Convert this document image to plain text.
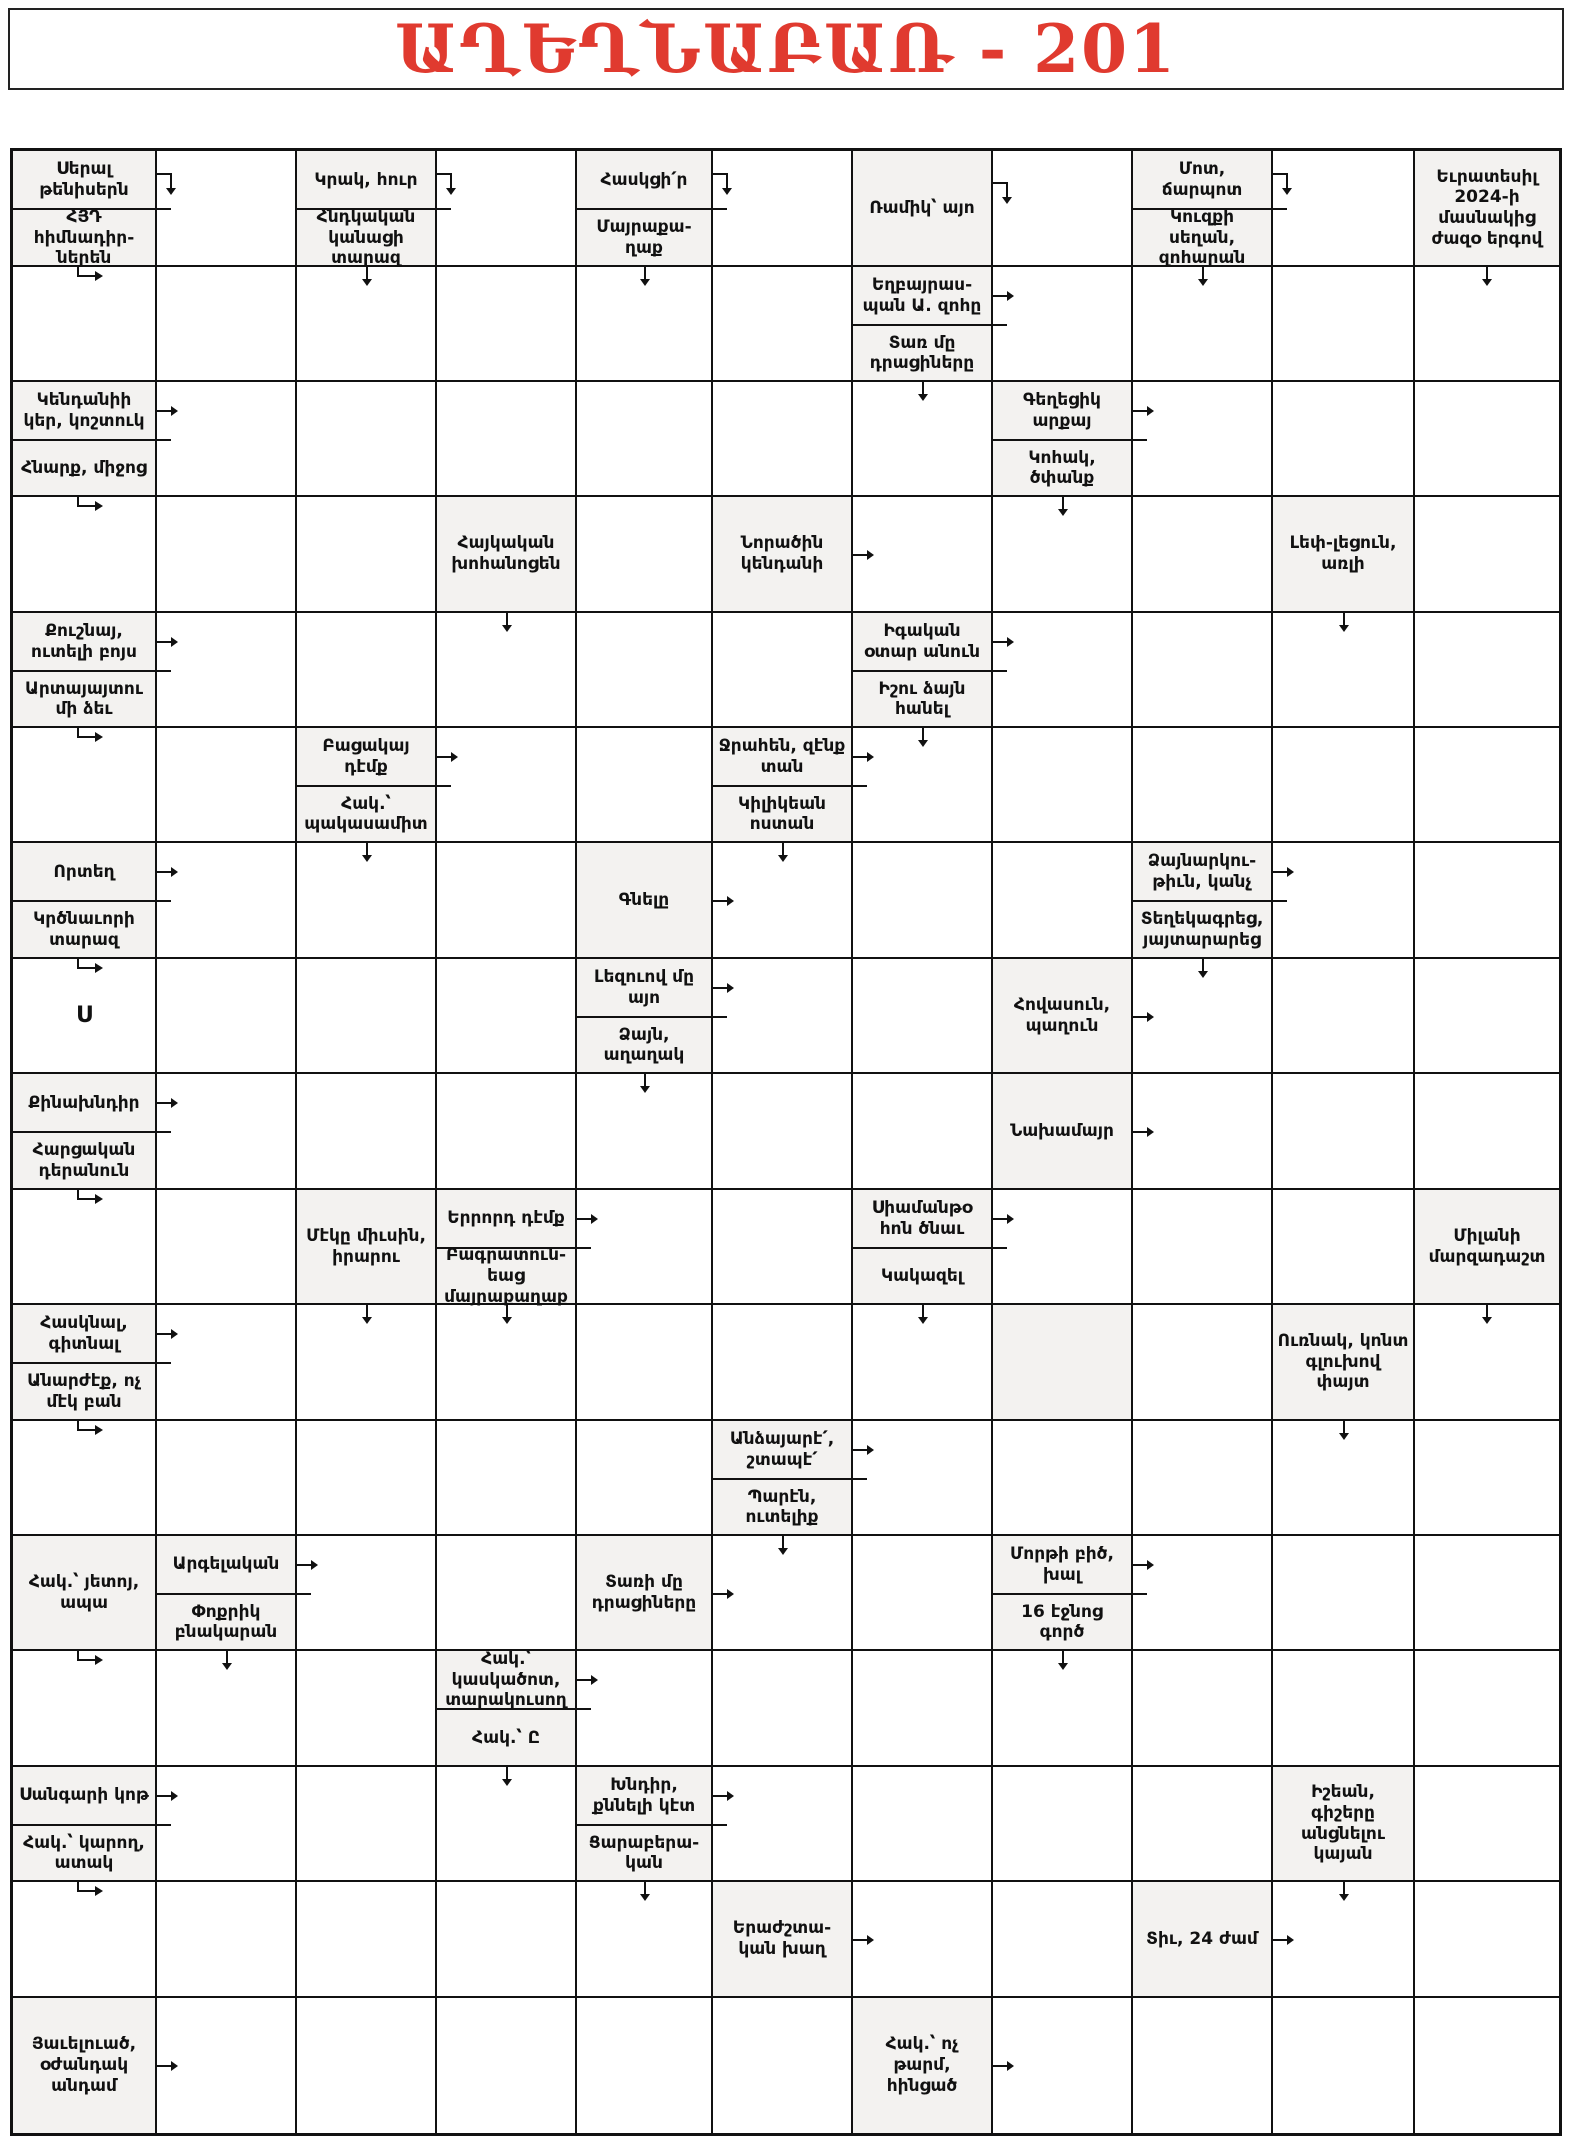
ԱՂԵՂՆԱԲԱՌ - 201
Սերալ թենիսերն
ՀՅԴ հիմնադիր-ներեն
Կրակ, հուր
Հնդկական կանացի տարազ
Հասկցի՛ր
Մայրաքա-ղաք
Ռամիկ՝ այո
Մոտ, ճարպոտ
Կուզքի սեղան, զոհարան
Եւրատեսիլ 2024-ի մասնակից ժազօ երգով
Եղբայրաս-պան Ա. զոհը
Տառ մը դրացիները
Կենդանիի կեր, կոշտուկ
Հնարք, միջոց
Գեղեցիկ արքայ
Կոհակ, ծփանք
Հայկական խոհանոցեն
Նորածին կենդանի
Լեփ-լեցուն, առլի
Քուշնայ, ուտելի բոյս
Արտայայտու մի ձեւ
Իգական օտար անուն
Իշու ձայն հանել
Բացակայ դէմք
Հակ.՝ պակասամիտ
Ջրահեն, զէնք տան
Կիլիկեան ոստան
Որտեղ
Կրծնաւորի տարազ
Գնելը
Ձայնարկու-թիւն, կանչ
Տեղեկագրեց, յայտարարեց
Ս
Լեզուով մը այո
Ձայն, աղաղակ
Հովասուն, պաղուն
Քինախնդիր
Հարցական դերանուն
Նախամայր
Մէկը միւսին, իրարու
Երրորդ դէմք
Բագրատուն-եաց մայրաքաղաք
Սիամանթօ հոն ծնաւ
Կակազել
Միլանի մարզադաշտ
Հասկնալ, գիտնալ
Անարժէք, ոչ մէկ բան
Ուռնակ, կոնտ գլուխով փայտ
Անձայարէ՛, շտապէ՛
Պարէն, ուտելիք
Հակ.՝ յետոյ, ապա
Արգելական
Փոքրիկ բնակարան
Տառի մը դրացիները
Մորթի բիծ, խալ
16 էջնոց գործ
Հակ.՝ կասկածոտ, տարակուսող
Հակ.՝ Ը
Սանգարի կոթ
Հակ.՝ կարող, ատակ
Խնդիր, քննելի կէտ
Ցարաբերա-կան
Իշեան, գիշերը անցնելու կայան
Երաժշտա-կան խաղ
Տիւ, 24 ժամ
Յաւելուած, օժանդակ անդամ
Հակ.՝ ոչ թարմ, հինցած
